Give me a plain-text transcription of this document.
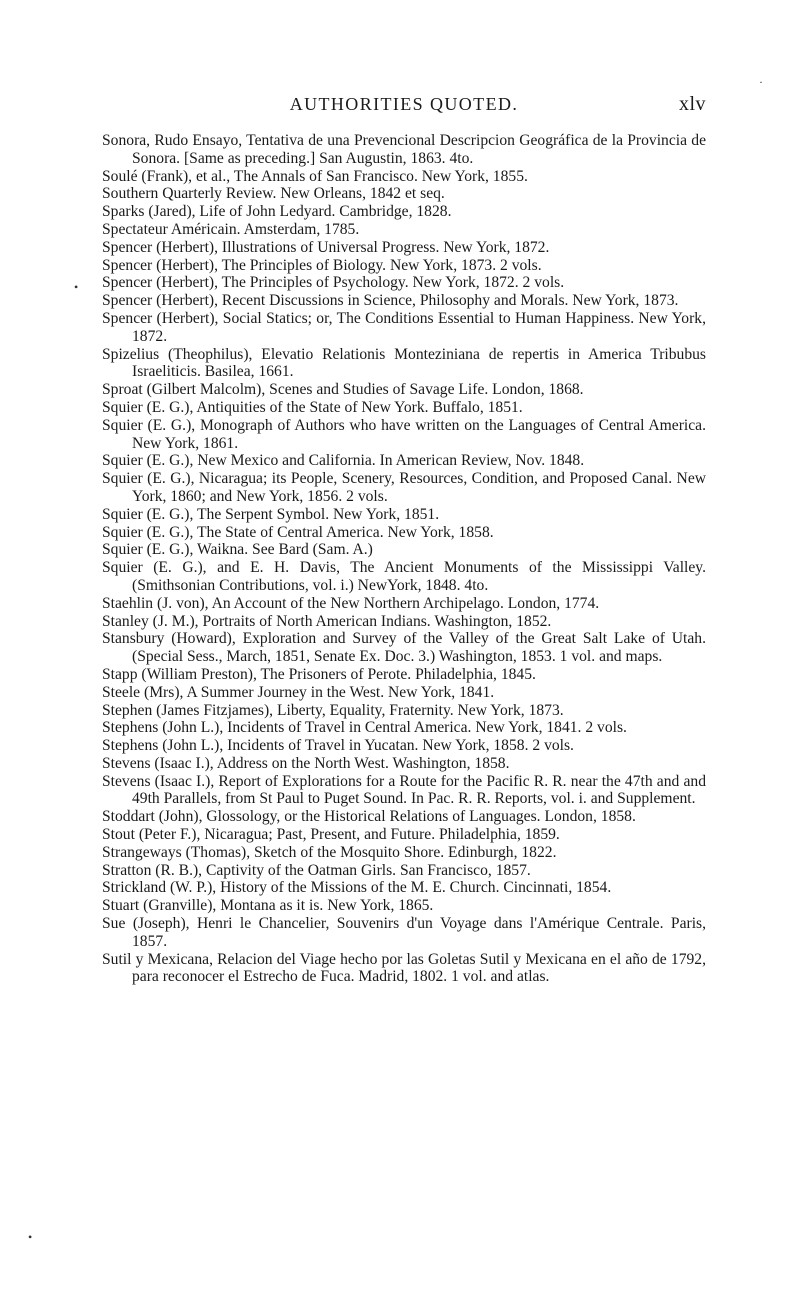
AUTHORITIES QUOTED.	xlv
Sonora, Rudo Ensayo, Tentativa de una Prevencional Descripcion Geográfica de la Provincia de Sonora. [Same as preceding.] San Augustin, 1863. 4to.
Soulé (Frank), et al., The Annals of San Francisco. New York, 1855.
Southern Quarterly Review. New Orleans, 1842 et seq.
Sparks (Jared), Life of John Ledyard. Cambridge, 1828.
Spectateur Américain. Amsterdam, 1785.
Spencer (Herbert), Illustrations of Universal Progress. New York, 1872.
Spencer (Herbert), The Principles of Biology. New York, 1873. 2 vols.
Spencer (Herbert), The Principles of Psychology. New York, 1872. 2 vols.
Spencer (Herbert), Recent Discussions in Science, Philosophy and Morals. New York, 1873.
Spencer (Herbert), Social Statics; or, The Conditions Essential to Human Happiness. New York, 1872.
Spizelius (Theophilus), Elevatio Relationis Montezinianа de repertis in America Tribubus Israeliticis. Basilea, 1661.
Sproat (Gilbert Malcolm), Scenes and Studies of Savage Life. London, 1868.
Squier (E. G.), Antiquities of the State of New York. Buffalo, 1851.
Squier (E. G.), Monograph of Authors who have written on the Languages of Central America. New York, 1861.
Squier (E. G.), New Mexico and California. In American Review, Nov. 1848.
Squier (E. G.), Nicaragua; its People, Scenery, Resources, Condition, and Proposed Canal. New York, 1860; and New York, 1856. 2 vols.
Squier (E. G.), The Serpent Symbol. New York, 1851.
Squier (E. G.), The State of Central America. New York, 1858.
Squier (E. G.), Waikna. See Bard (Sam. A.)
Squier (E. G.), and E. H. Davis, The Ancient Monuments of the Mississippi Valley. (Smithsonian Contributions, vol. i.) NewYork, 1848. 4to.
Staehlin (J. von), An Account of the New Northern Archipelago. London, 1774.
Stanley (J. M.), Portraits of North American Indians. Washington, 1852.
Stansbury (Howard), Exploration and Survey of the Valley of the Great Salt Lake of Utah. (Special Sess., March, 1851, Senate Ex. Doc. 3.) Washington, 1853. 1 vol. and maps.
Stapp (William Preston), The Prisoners of Perote. Philadelphia, 1845.
Steele (Mrs), A Summer Journey in the West. New York, 1841.
Stephen (James Fitzjames), Liberty, Equality, Fraternity. New York, 1873.
Stephens (John L.), Incidents of Travel in Central America. New York, 1841. 2 vols.
Stephens (John L.), Incidents of Travel in Yucatan. New York, 1858. 2 vols.
Stevens (Isaac I.), Address on the North West. Washington, 1858.
Stevens (Isaac I.), Report of Explorations for a Route for the Pacific R. R. near the 47th and and 49th Parallels, from St Paul to Puget Sound. In Pac. R. R. Reports, vol. i. and Supplement.
Stoddart (John), Glossology, or the Historical Relations of Languages. London, 1858.
Stout (Peter F.), Nicaragua; Past, Present, and Future. Philadelphia, 1859.
Strangeways (Thomas), Sketch of the Mosquito Shore. Edinburgh, 1822.
Stratton (R. B.), Captivity of the Oatman Girls. San Francisco, 1857.
Strickland (W. P.), History of the Missions of the M. E. Church. Cincinnati, 1854.
Stuart (Granville), Montana as it is. New York, 1865.
Sue (Joseph), Henri le Chancelier, Souvenirs d'un Voyage dans l'Amérique Centrale. Paris, 1857.
Sutil y Mexicana, Relacion del Viage hecho por las Goletas Sutil y Mexicana en el año de 1792, para reconocer el Estrecho de Fuca. Madrid, 1802. 1 vol. and atlas.
·
•
•
